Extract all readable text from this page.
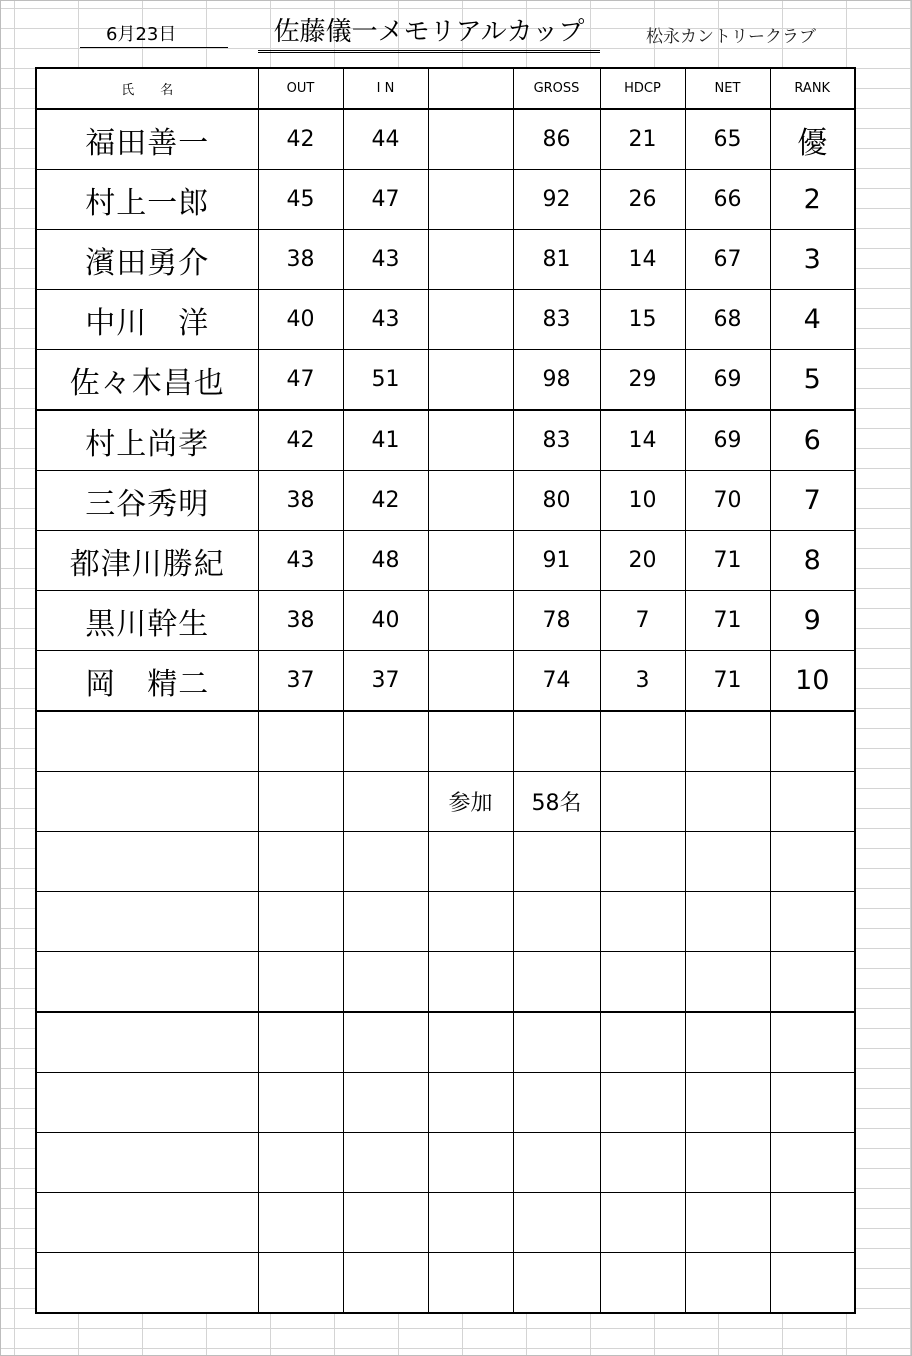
6月23日	佐藤儀一メモリアルカップ	松永カントリークラブ
氏　　名	OUT	I N		GROSS	HDCP	NET	RANK
福田善一	42	44		86	21	65	優
村上一郎	45	47		92	26	66	2
濱田勇介	38	43		81	14	67	3
中川　洋	40	43		83	15	68	4
佐々木昌也	47	51		98	29	69	5
村上尚孝	42	41		83	14	69	6
三谷秀明	38	42		80	10	70	7
都津川勝紀	43	48		91	20	71	8
黒川幹生	38	40		78	7	71	9
岡　精二	37	37		74	3	71	10

			参加	58名			
